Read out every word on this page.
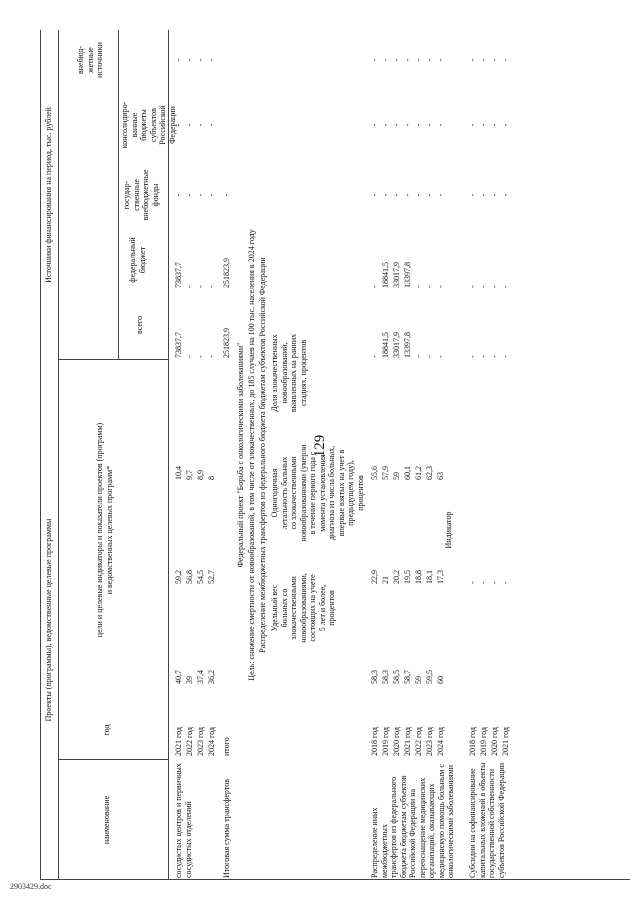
129
Проекты (программы), ведомственные целевые программы
наименование
год
цели и целевые индикаторы и показатели проектов (программ)
и ведомственных целевых программ*
Источники финансирования на период, тыс. рублей
всего
федеральный
бюджет
государ-
ственные
внебюджетные
фонды
консолидиро-
ванные
бюджеты
субъектов
Российской
Федерации
внебюд-
жетные
источники
сосудистых центров и первичных
сосудистых отделений
2021 год
40,7
59,2
10,4
73837,7
73837,7
-
-
-
2022 год
39
56,8
9,7
-
-
-
-
-
2023 год
37,4
54,5
8,9
-
-
-
-
-
2024 год
36,2
52,7
8
-
-
-
-
-
Итоговая сумма трансфертов
итого
251823,9
251823,9
-
Федеральный проект "Борьба с онкологическими заболеваниями" Цель: снижение смертности от новообразований, в том числе от злокачественных, до 185 случаев на 100 тыс. населения к 2024 году Распределение межбюджетных трансфертов из федерального бюджета бюджетам субъектов Российской Федерации Удельный вес
больных со
злокачественными
новообразованиями,
состоящих на учете
5 лет и более,
процентов
Одногодичная
летальность больных
со злокачественными
новообразованиями (умерли
в течение первого года с
момента установления
диагноза из числа больных,
впервые взятых на учет в
предыдущем году),
процентов
Доля злокачественных
новообразований,
выявленных на ранних
стадиях, процентов
Распределение иных межбюджетных
трансфертов из федерального
бюджета бюджетам субъектов
Российской Федерации на
переоснащение медицинских
организаций, оказывающих
медицинскую помощь больным с
онкологическими заболеваниями
2018 год
58,3
22,9
55,6
-
-
-
-
-
2019 год
58,3
21
57,9
18841,5
18841,5
-
-
-
2020 год
58,5
20,2
59
33017,9
33017,9
-
-
-
2021 год
58,7
19,5
60,1
13397,8
13397,8
-
-
-
2022 год
59
18,8
61,2
-
-
-
-
-
2023 год
59,5
18,1
62,3
-
-
-
-
-
2024 год
60
17,3
63
-
-
-
-
-
Индикатор
Субсидии на софинансирование
капитальных вложений в объекты
государственной собственности
субъектов Российской Федерации
2018 год
-
-
-
-
-
-
2019 год
-
-
-
-
-
-
2020 год
-
-
-
-
-
-
2021 год
-
-
-
-
-
-
2903429.doc
